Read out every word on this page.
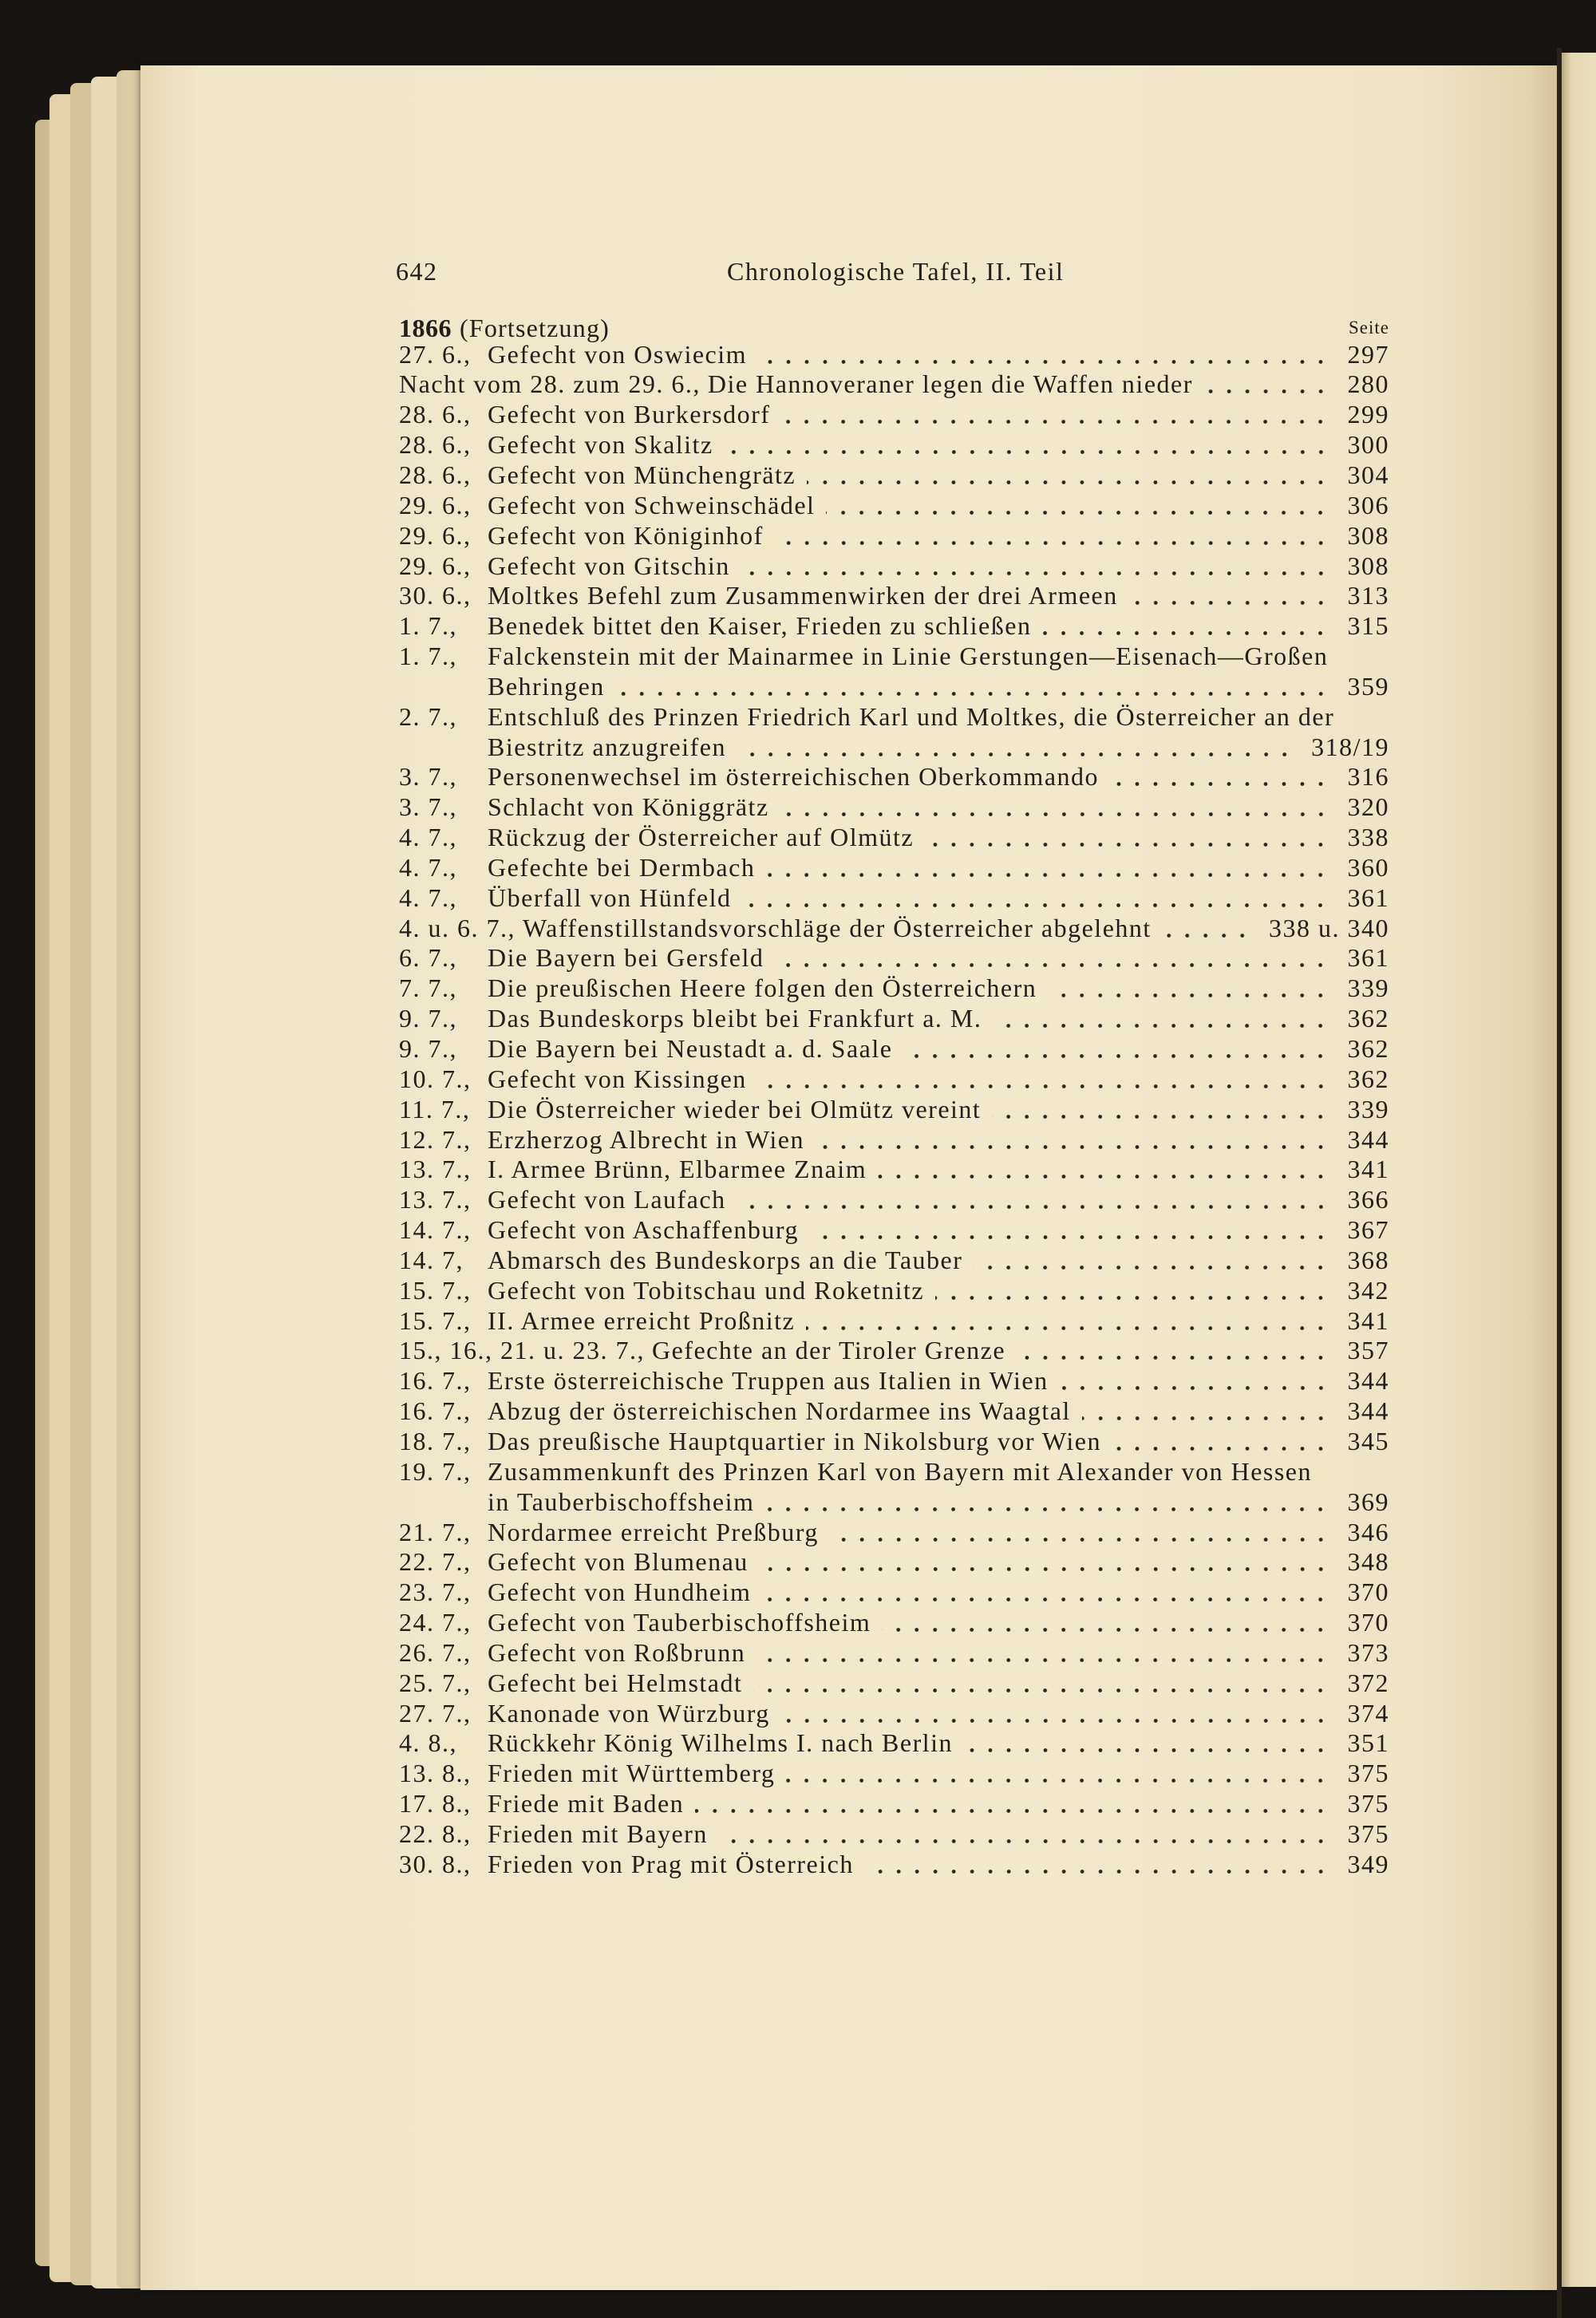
642	Chronologische Tafel, II. Teil
1866 (Fortsetzung)	Seite
27. 6., Gefecht von Oswiecim	297
Nacht vom 28. zum 29. 6., Die Hannoveraner legen die Waffen nieder	280
28. 6., Gefecht von Burkersdorf	299
28. 6., Gefecht von Skalitz	300
28. 6., Gefecht von Münchengrätz	304
29. 6., Gefecht von Schweinschädel	306
29. 6., Gefecht von Königinhof	308
29. 6., Gefecht von Gitschin	308
30. 6., Moltkes Befehl zum Zusammenwirken der drei Armeen	313
1. 7.,	Benedek bittet den Kaiser, Frieden zu schließen	315
1. 7.,	Falckenstein mit der Mainarmee in Linie Gerstungen—Eisenach—Großen
Behringen	359
2. 7.,	Entschluß des Prinzen Friedrich Karl und Moltkes, die Österreicher an der
Biestritz anzugreifen	318/19
3. 7.,	Personenwechsel im österreichischen Oberkommando	316
3. 7.,	Schlacht von Königgrätz	320
4. 7.,	Rückzug der Österreicher auf Olmütz	338
4. 7.,	Gefechte bei Dermbach	360
4. 7.,	Überfall von Hünfeld	361
4. u. 6. 7., Waffenstillstandsvorschläge der Österreicher abgelehnt	338 u. 340
6. 7.,	Die Bayern bei Gersfeld	361
7. 7.,	Die preußischen Heere folgen den Österreichern	339
9. 7.,	Das Bundeskorps bleibt bei Frankfurt a. M.	362
9. 7.,	Die Bayern bei Neustadt a. d. Saale	362
10. 7., Gefecht von Kissingen	362
11. 7., Die Österreicher wieder bei Olmütz vereint	339
12. 7., Erzherzog Albrecht in Wien	344
13. 7., I. Armee Brünn, Elbarmee Znaim	341
13. 7., Gefecht von Laufach	366
14. 7., Gefecht von Aschaffenburg	367
14. 7, Abmarsch des Bundeskorps an die Tauber	368
15. 7., Gefecht von Tobitschau und Roketnitz	342
15. 7., II. Armee erreicht Proßnitz	341
15., 16., 21. u. 23. 7., Gefechte an der Tiroler Grenze	357
16. 7., Erste österreichische Truppen aus Italien in Wien	344
16. 7., Abzug der österreichischen Nordarmee ins Waagtal	344
18. 7., Das preußische Hauptquartier in Nikolsburg vor Wien	345
19. 7., Zusammenkunft des Prinzen Karl von Bayern mit Alexander von Hessen
in Tauberbischoffsheim	369
21. 7., Nordarmee erreicht Preßburg	346
22. 7., Gefecht von Blumenau	348
23. 7., Gefecht von Hundheim	370
24. 7., Gefecht von Tauberbischoffsheim	370
26. 7., Gefecht von Roßbrunn	373
25. 7., Gefecht bei Helmstadt	372
27. 7., Kanonade von Würzburg	374
4. 8.,	Rückkehr König Wilhelms I. nach Berlin	351
13. 8., Frieden mit Württemberg	375
17. 8., Friede mit Baden	375
22. 8., Frieden mit Bayern	375
30. 8., Frieden von Prag mit Österreich	349
